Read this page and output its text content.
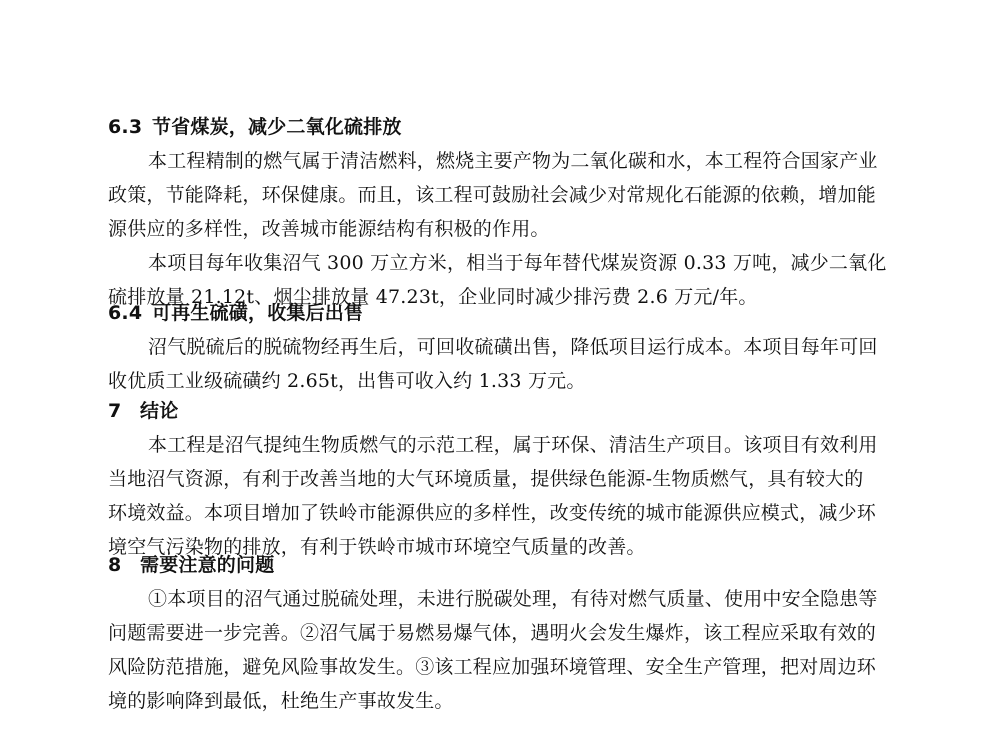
6.3 节省煤炭，减少二氧化硫排放
本工程精制的燃气属于清洁燃料，燃烧主要产物为二氧化碳和水，本工程符合国家产业
政策，节能降耗，环保健康。而且，该工程可鼓励社会减少对常规化石能源的依赖，增加能
源供应的多样性，改善城市能源结构有积极的作用。
本项目每年收集沼气 300 万立方米，相当于每年替代煤炭资源 0.33 万吨，减少二氧化
硫排放量 21.12t、烟尘排放量 47.23t，企业同时减少排污费 2.6 万元/年。
6.4 可再生硫磺，收集后出售
沼气脱硫后的脱硫物经再生后，可回收硫磺出售，降低项目运行成本。本项目每年可回
收优质工业级硫磺约 2.65t，出售可收入约 1.33 万元。
7 结论
本工程是沼气提纯生物质燃气的示范工程，属于环保、清洁生产项目。该项目有效利用
当地沼气资源，有利于改善当地的大气环境质量，提供绿色能源-生物质燃气，具有较大的
环境效益。本项目增加了铁岭市能源供应的多样性，改变传统的城市能源供应模式，减少环
境空气污染物的排放，有利于铁岭市城市环境空气质量的改善。
8 需要注意的问题
①本项目的沼气通过脱硫处理，未进行脱碳处理，有待对燃气质量、使用中安全隐患等
问题需要进一步完善。②沼气属于易燃易爆气体，遇明火会发生爆炸，该工程应采取有效的
风险防范措施，避免风险事故发生。③该工程应加强环境管理、安全生产管理，把对周边环
境的影响降到最低，杜绝生产事故发生。
